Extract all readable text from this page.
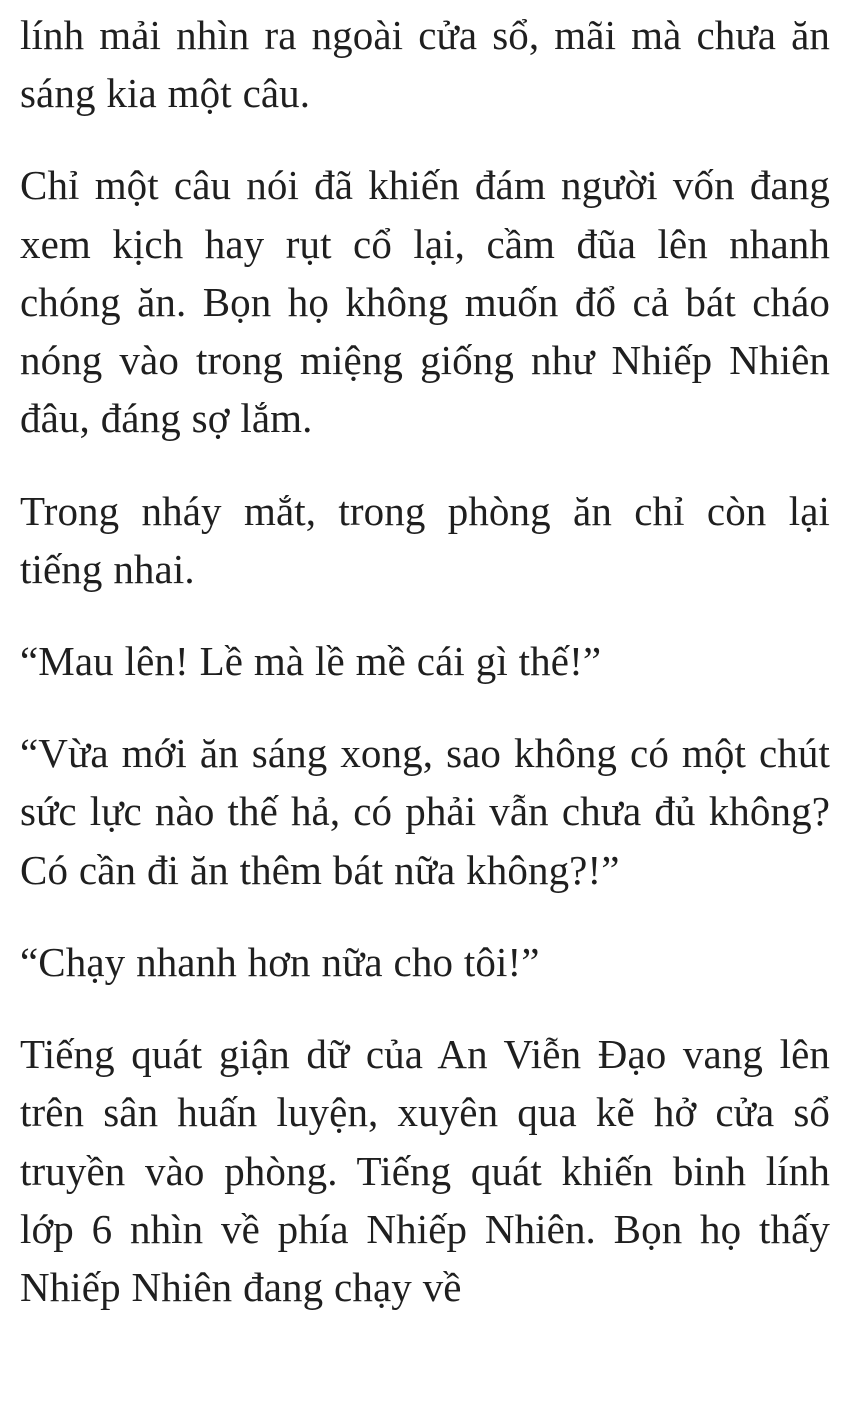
lính mải nhìn ra ngoài cửa sổ, mãi mà chưa ăn sáng kia một câu.

Chỉ một câu nói đã khiến đám người vốn đang xem kịch hay rụt cổ lại, cầm đũa lên nhanh chóng ăn. Bọn họ không muốn đổ cả bát cháo nóng vào trong miệng giống như Nhiếp Nhiên đâu, đáng sợ lắm.

Trong nháy mắt, trong phòng ăn chỉ còn lại tiếng nhai.

“Mau lên! Lề mà lề mề cái gì thế!”

“Vừa mới ăn sáng xong, sao không có một chút sức lực nào thế hả, có phải vẫn chưa đủ không? Có cần đi ăn thêm bát nữa không?!”

“Chạy nhanh hơn nữa cho tôi!”

Tiếng quát giận dữ của An Viễn Đạo vang lên trên sân huấn luyện, xuyên qua kẽ hở cửa sổ truyền vào phòng. Tiếng quát khiến binh lính lớp 6 nhìn về phía Nhiếp Nhiên. Bọn họ thấy Nhiếp Nhiên đang chạy về
